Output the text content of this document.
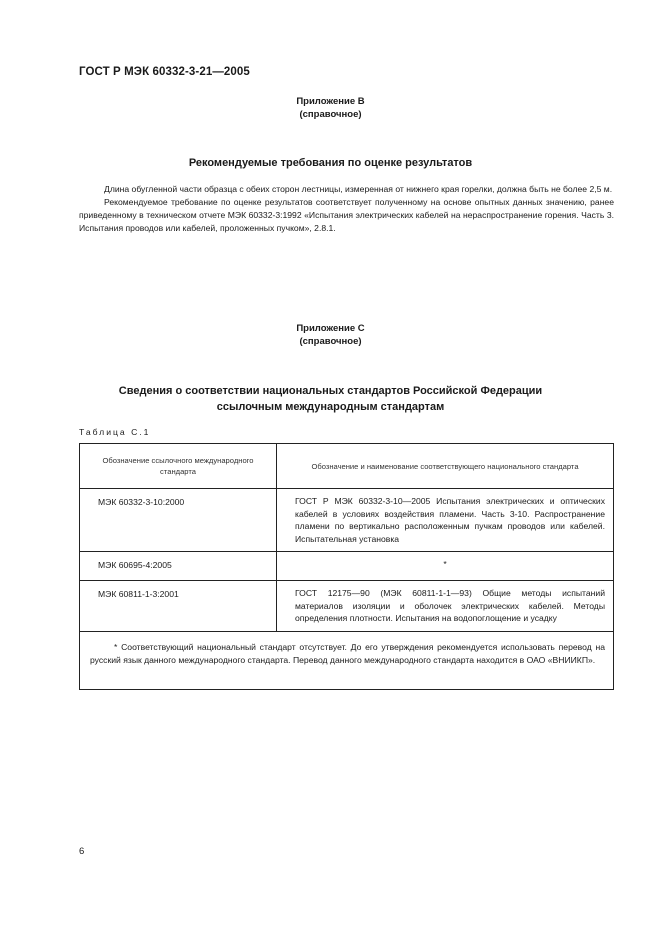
ГОСТ Р МЭК 60332-3-21—2005
Приложение В
(справочное)
Рекомендуемые требования по оценке результатов

Длина обугленной части образца с обеих сторон лестницы, измеренная от нижнего края горелки, должна быть не более 2,5 м.

Рекомендуемое требование по оценке результатов соответствует полученному на основе опытных данных значению, ранее приведенному в техническом отчете МЭК 60332-3:1992 «Испытания электрических кабелей на нераспространение горения. Часть 3. Испытания проводов или кабелей, проложенных пучком», 2.8.1.

Приложение С
(справочное)
Сведения о соответствии национальных стандартов Российской Федерации
ссылочным международным стандартам
Таблица С.1
Обозначение ссылочного международного стандарта	Обозначение и наименование соответствующего национального стандарта
МЭК 60332-3-10:2000	ГОСТ Р МЭК 60332-3-10—2005 Испытания электрических и оптических кабелей в условиях воздействия пламени. Часть 3-10. Распространение пламени по вертикально расположенным пучкам проводов или кабелей. Испытательная установка
МЭК 60695-4:2005	*
МЭК 60811-1-3:2001	ГОСТ 12175—90 (МЭК 60811-1-1—93) Общие методы испытаний материалов изоляции и оболочек электрических кабелей. Методы определения плотности. Испытания на водопоглощение и усадку

* Соответствующий национальный стандарт отсутствует. До его утверждения рекомендуется использовать перевод на русский язык данного международного стандарта. Перевод данного международного стандарта находится в ОАО «ВНИИКП».	

6
